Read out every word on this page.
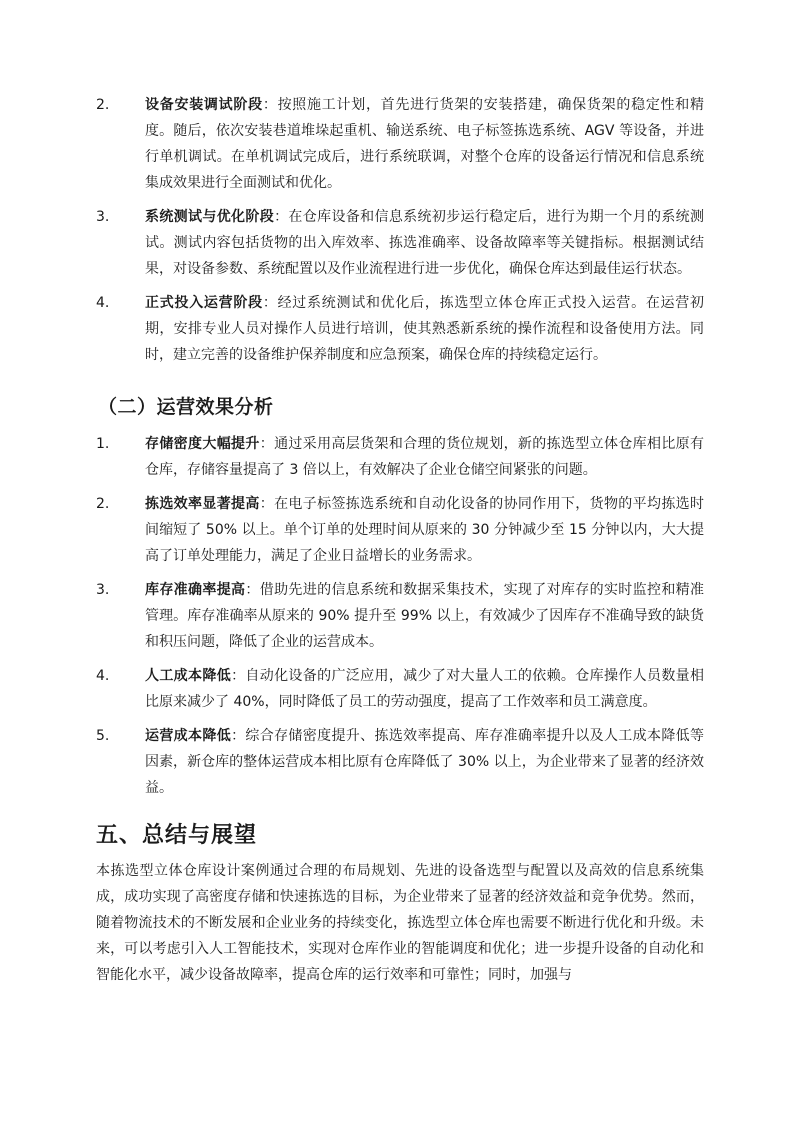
2.	设备安装调试阶段：按照施工计划，首先进行货架的安装搭建，确保货架的稳定性和精度。随后，依次安装巷道堆垛起重机、输送系统、电子标签拣选系统、AGV 等设备，并进行单机调试。在单机调试完成后，进行系统联调，对整个仓库的设备运行情况和信息系统集成效果进行全面测试和优化。
3.	系统测试与优化阶段：在仓库设备和信息系统初步运行稳定后，进行为期一个月的系统测试。测试内容包括货物的出入库效率、拣选准确率、设备故障率等关键指标。根据测试结果，对设备参数、系统配置以及作业流程进行进一步优化，确保仓库达到最佳运行状态。
4.	正式投入运营阶段：经过系统测试和优化后，拣选型立体仓库正式投入运营。在运营初期，安排专业人员对操作人员进行培训，使其熟悉新系统的操作流程和设备使用方法。同时，建立完善的设备维护保养制度和应急预案，确保仓库的持续稳定运行。
（二）运营效果分析
1.	存储密度大幅提升：通过采用高层货架和合理的货位规划，新的拣选型立体仓库相比原有仓库，存储容量提高了 3 倍以上，有效解决了企业仓储空间紧张的问题。
2.	拣选效率显著提高：在电子标签拣选系统和自动化设备的协同作用下，货物的平均拣选时间缩短了 50% 以上。单个订单的处理时间从原来的 30 分钟减少至 15 分钟以内，大大提高了订单处理能力，满足了企业日益增长的业务需求。
3.	库存准确率提高：借助先进的信息系统和数据采集技术，实现了对库存的实时监控和精准管理。库存准确率从原来的 90% 提升至 99% 以上，有效减少了因库存不准确导致的缺货和积压问题，降低了企业的运营成本。
4.	人工成本降低：自动化设备的广泛应用，减少了对大量人工的依赖。仓库操作人员数量相比原来减少了 40%，同时降低了员工的劳动强度，提高了工作效率和员工满意度。
5.	运营成本降低：综合存储密度提升、拣选效率提高、库存准确率提升以及人工成本降低等因素，新仓库的整体运营成本相比原有仓库降低了 30% 以上，为企业带来了显著的经济效益。
五、总结与展望
本拣选型立体仓库设计案例通过合理的布局规划、先进的设备选型与配置以及高效的信息系统集成，成功实现了高密度存储和快速拣选的目标，为企业带来了显著的经济效益和竞争优势。然而，随着物流技术的不断发展和企业业务的持续变化，拣选型立体仓库也需要不断进行优化和升级。未来，可以考虑引入人工智能技术，实现对仓库作业的智能调度和优化；进一步提升设备的自动化和智能化水平，减少设备故障率，提高仓库的运行效率和可靠性；同时，加强与
